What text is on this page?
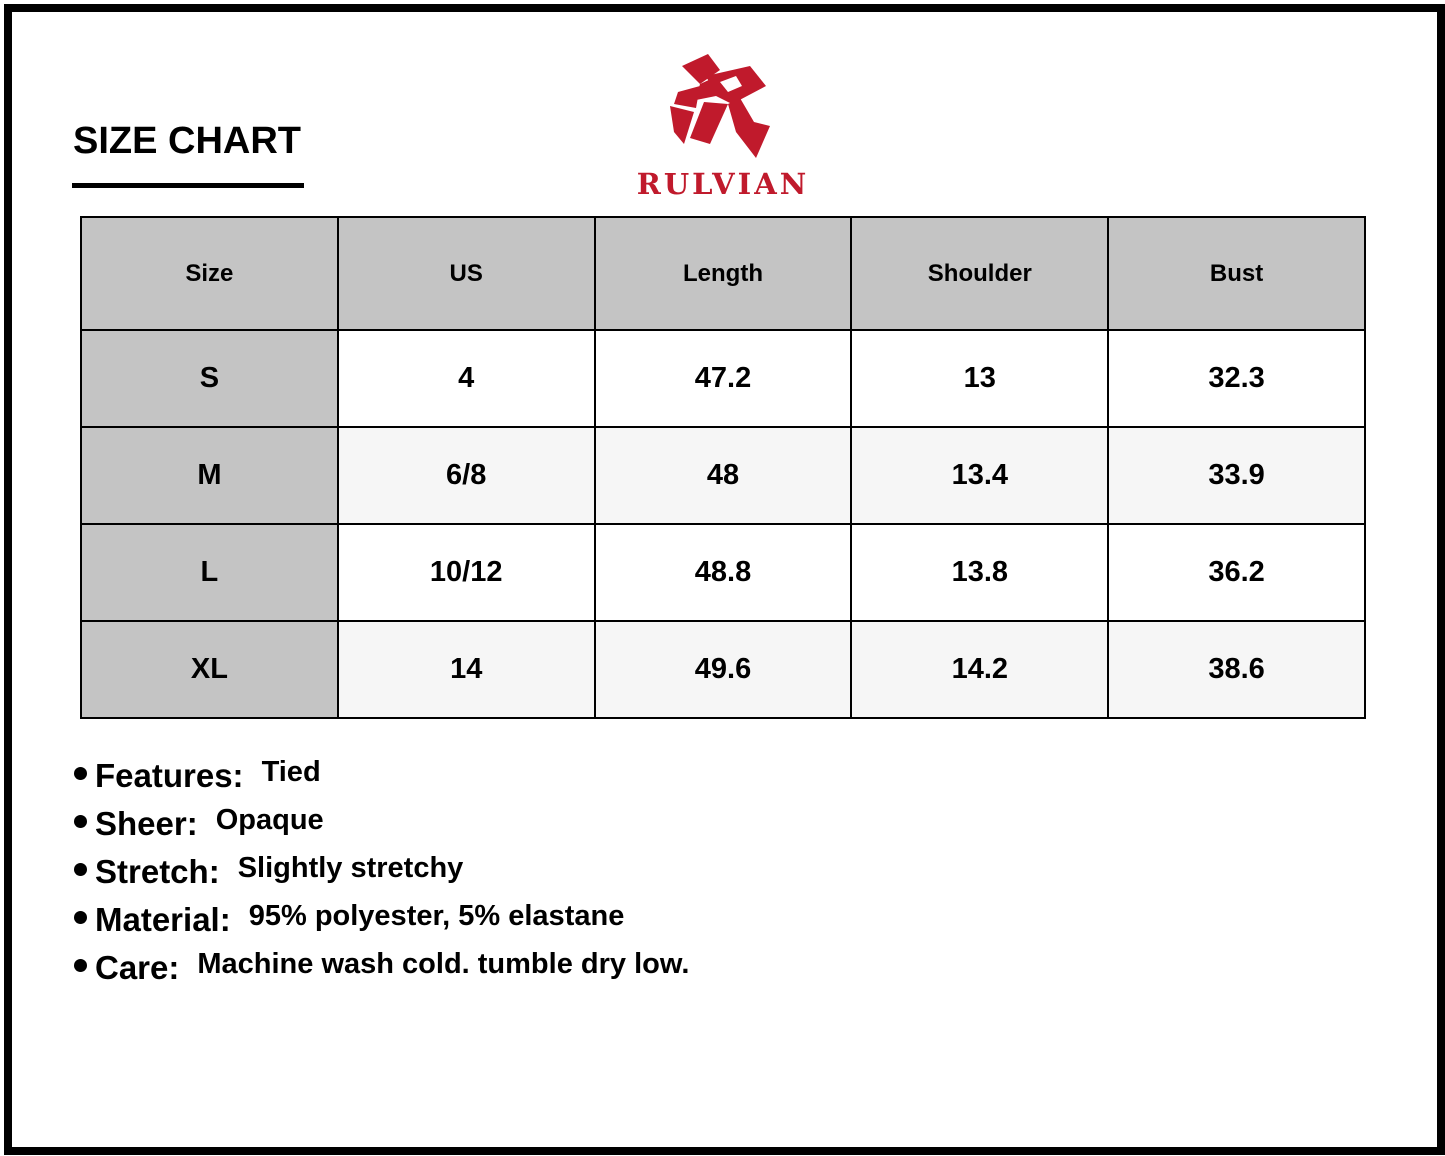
SIZE CHART
RULVIAN
Size	US	Length	Shoulder	Bust
S	4	47.2	13	32.3
M	6/8	48	13.4	33.9
L	10/12	48.8	13.8	36.2
XL	14	49.6	14.2	38.6
Features: Tied
Sheer: Opaque
Stretch: Slightly stretchy
Material: 95% polyester, 5% elastane
Care: Machine wash cold. tumble dry low.
